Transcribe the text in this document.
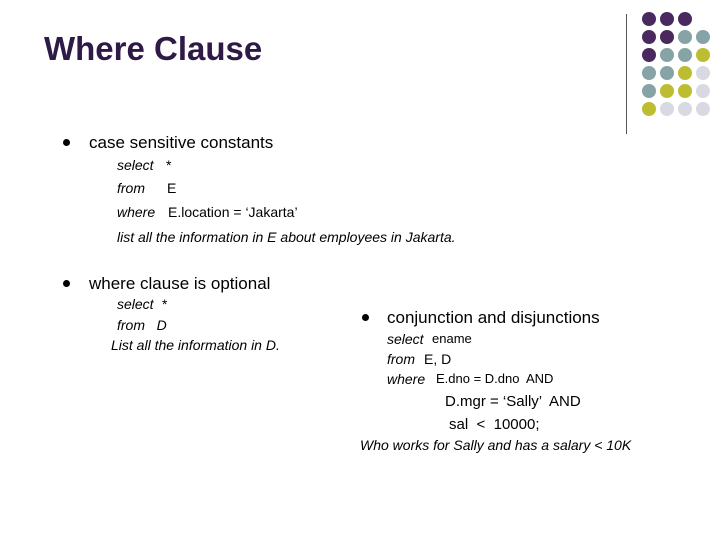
Where Clause
case sensitive constants
select *
from E
where E.location = ‘Jakarta’
list all the information in E about employees in Jakarta.
where clause is optional
select  *
from   D
List all the information in D.
conjunction and disjunctions
select ename
from E, D
where E.dno = D.dno  AND
D.mgr = ‘Sally’  AND
sal  <  10000;
Who works for Sally and has a salary < 10K
